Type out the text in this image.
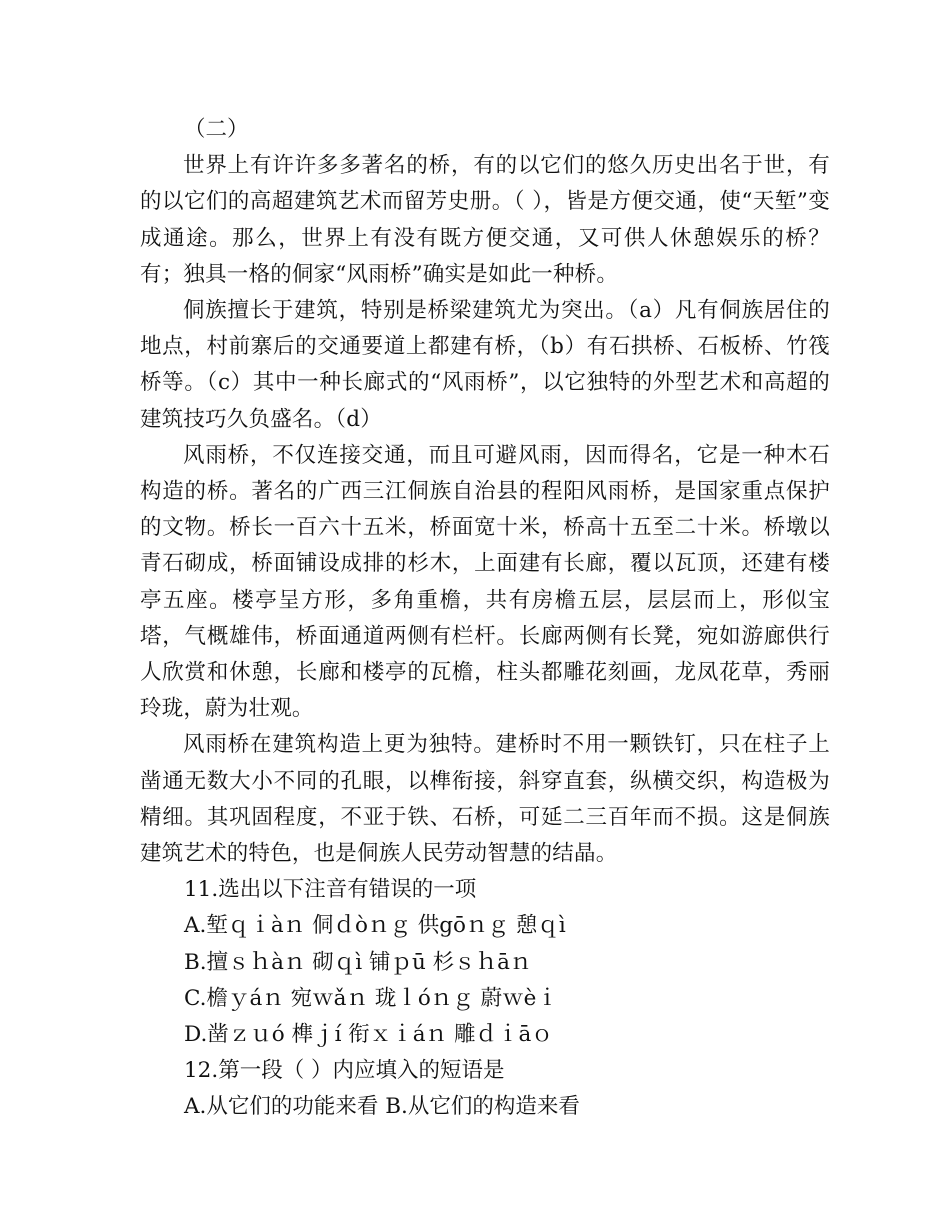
（二）

世界上有许许多多著名的桥，有的以它们的悠久历史出名于世，有的以它们的高超建筑艺术而留芳史册。（ ），皆是方便交通，使“天堑”变成通途。那么，世界上有没有既方便交通，又可供人休憩娱乐的桥？有；独具一格的侗家“风雨桥”确实是如此一种桥。

侗族擅长于建筑，特别是桥梁建筑尤为突出。（a）凡有侗族居住的地点，村前寨后的交通要道上都建有桥，（b）有石拱桥、石板桥、竹筏桥等。（c）其中一种长廊式的“风雨桥”，以它独特的外型艺术和高超的建筑技巧久负盛名。（d）

风雨桥，不仅连接交通，而且可避风雨，因而得名，它是一种木石构造的桥。著名的广西三江侗族自治县的程阳风雨桥，是国家重点保护的文物。桥长一百六十五米，桥面宽十米，桥高十五至二十米。桥墩以青石砌成，桥面铺设成排的杉木，上面建有长廊，覆以瓦顶，还建有楼亭五座。楼亭呈方形，多角重檐，共有房檐五层，层层而上，形似宝塔，气概雄伟，桥面通道两侧有栏杆。长廊两侧有长凳，宛如游廊供行人欣赏和休憩，长廊和楼亭的瓦檐，柱头都雕花刻画，龙凤花草，秀丽玲珑，蔚为壮观。

风雨桥在建筑构造上更为独特。建桥时不用一颗铁钉，只在柱子上凿通无数大小不同的孔眼，以榫衔接，斜穿直套，纵横交织，构造极为精细。其巩固程度，不亚于铁、石桥，可延二三百年而不损。这是侗族建筑艺术的特色，也是侗族人民劳动智慧的结晶。

11.选出以下注音有错误的一项

A.堑ｑｉàｎ 侗ｄòｎｇ 供gōｎｇ 憩ｑì

B.擅ｓｈàｎ 砌ｑì 铺ｐū 杉ｓｈāｎ

C.檐ｙáｎ 宛ｗǎｎ 珑ｌóｎｇ 蔚ｗèｉ

D.凿ｚｕó 榫ｊí 衔ｘｉáｎ 雕ｄｉāｏ

12.第一段（ ）内应填入的短语是

A.从它们的功能来看 B.从它们的构造来看
